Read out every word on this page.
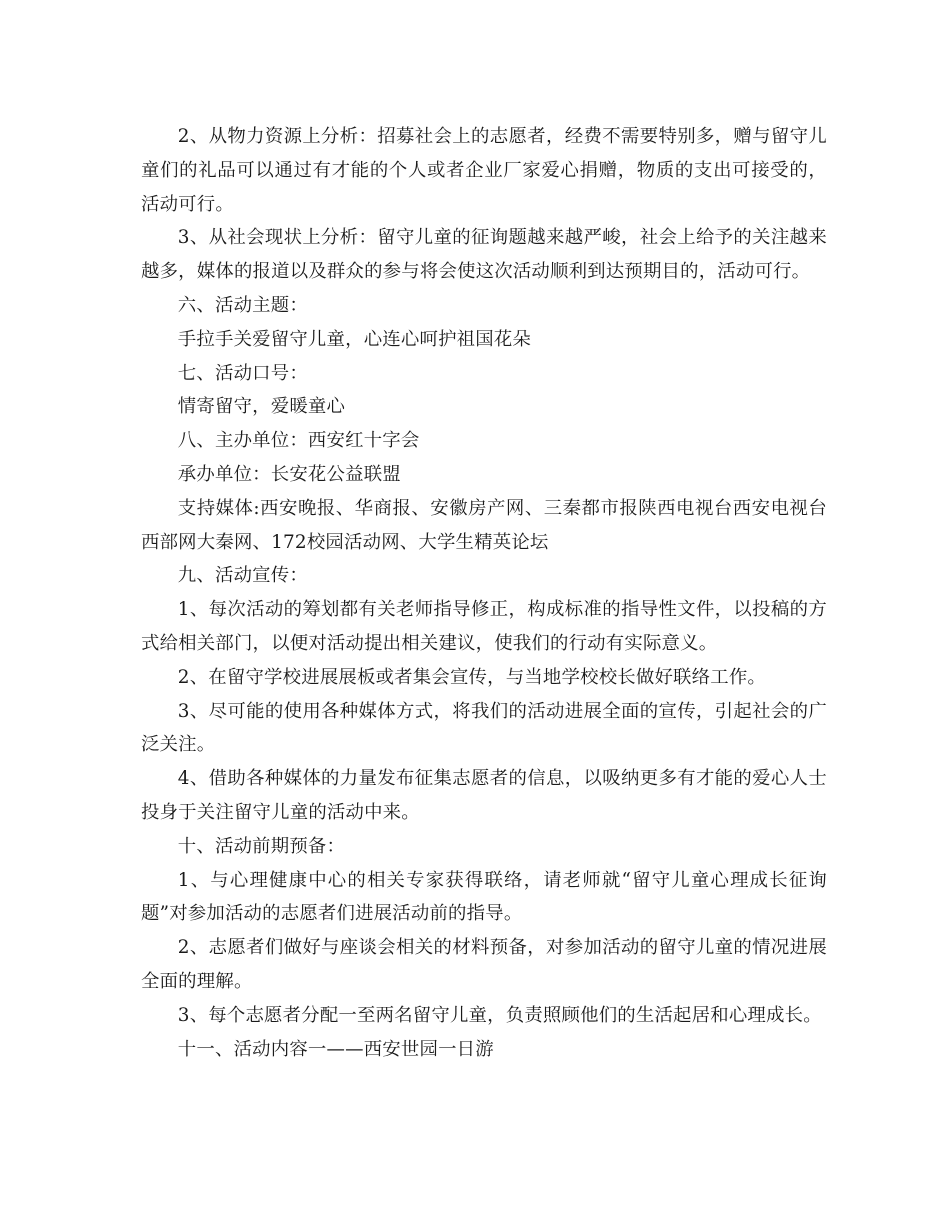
2、从物力资源上分析：招募社会上的志愿者，经费不需要特别多，赠与留守儿童们的礼品可以通过有才能的个人或者企业厂家爱心捐赠，物质的支出可接受的，活动可行。

3、从社会现状上分析：留守儿童的征询题越来越严峻，社会上给予的关注越来越多，媒体的报道以及群众的参与将会使这次活动顺利到达预期目的，活动可行。

六、活动主题：

手拉手关爱留守儿童，心连心呵护祖国花朵

七、活动口号：

情寄留守，爱暖童心

八、主办单位：西安红十字会

承办单位：长安花公益联盟

支持媒体:西安晚报、华商报、安徽房产网、三秦都市报陕西电视台西安电视台西部网大秦网、172校园活动网、大学生精英论坛

九、活动宣传：

1、每次活动的筹划都有关老师指导修正，构成标准的指导性文件，以投稿的方式给相关部门，以便对活动提出相关建议，使我们的行动有实际意义。

2、在留守学校进展展板或者集会宣传，与当地学校校长做好联络工作。

3、尽可能的使用各种媒体方式，将我们的活动进展全面的宣传，引起社会的广泛关注。

4、借助各种媒体的力量发布征集志愿者的信息，以吸纳更多有才能的爱心人士投身于关注留守儿童的活动中来。

十、活动前期预备：

1、与心理健康中心的相关专家获得联络，请老师就“留守儿童心理成长征询题”对参加活动的志愿者们进展活动前的指导。

2、志愿者们做好与座谈会相关的材料预备，对参加活动的留守儿童的情况进展全面的理解。

3、每个志愿者分配一至两名留守儿童，负责照顾他们的生活起居和心理成长。

十一、活动内容一——西安世园一日游
